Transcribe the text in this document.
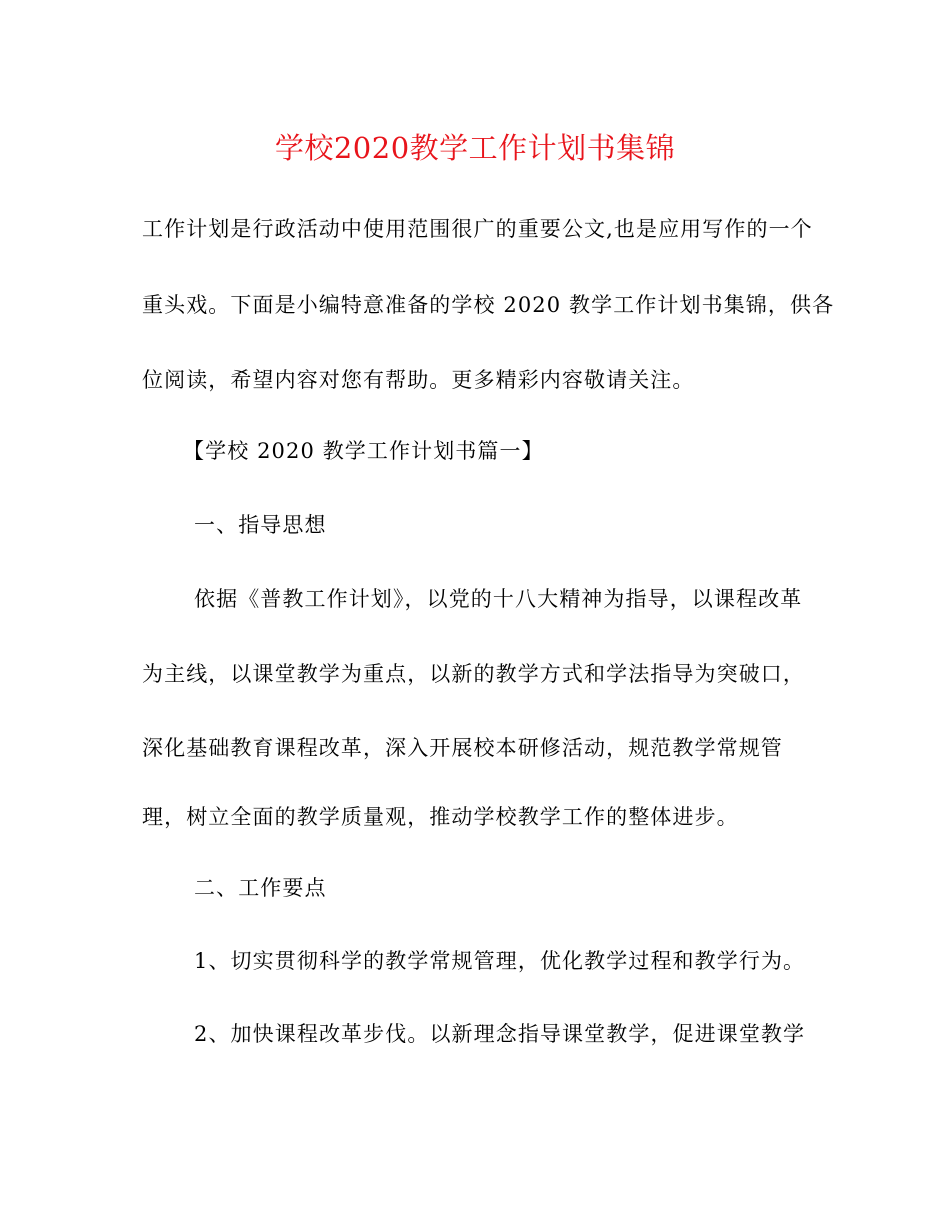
学校2020教学工作计划书集锦
工作计划是行政活动中使用范围很广的重要公文,也是应用写作的一个
重头戏。下面是小编特意准备的学校 2020 教学工作计划书集锦，供各
位阅读，希望内容对您有帮助。更多精彩内容敬请关注。
【学校 2020 教学工作计划书篇一】
一、指导思想
依据《普教工作计划》，以党的十八大精神为指导，以课程改革
为主线，以课堂教学为重点，以新的教学方式和学法指导为突破口，
深化基础教育课程改革，深入开展校本研修活动，规范教学常规管
理，树立全面的教学质量观，推动学校教学工作的整体进步。
二、工作要点
1、切实贯彻科学的教学常规管理，优化教学过程和教学行为。
2、加快课程改革步伐。以新理念指导课堂教学，促进课堂教学
